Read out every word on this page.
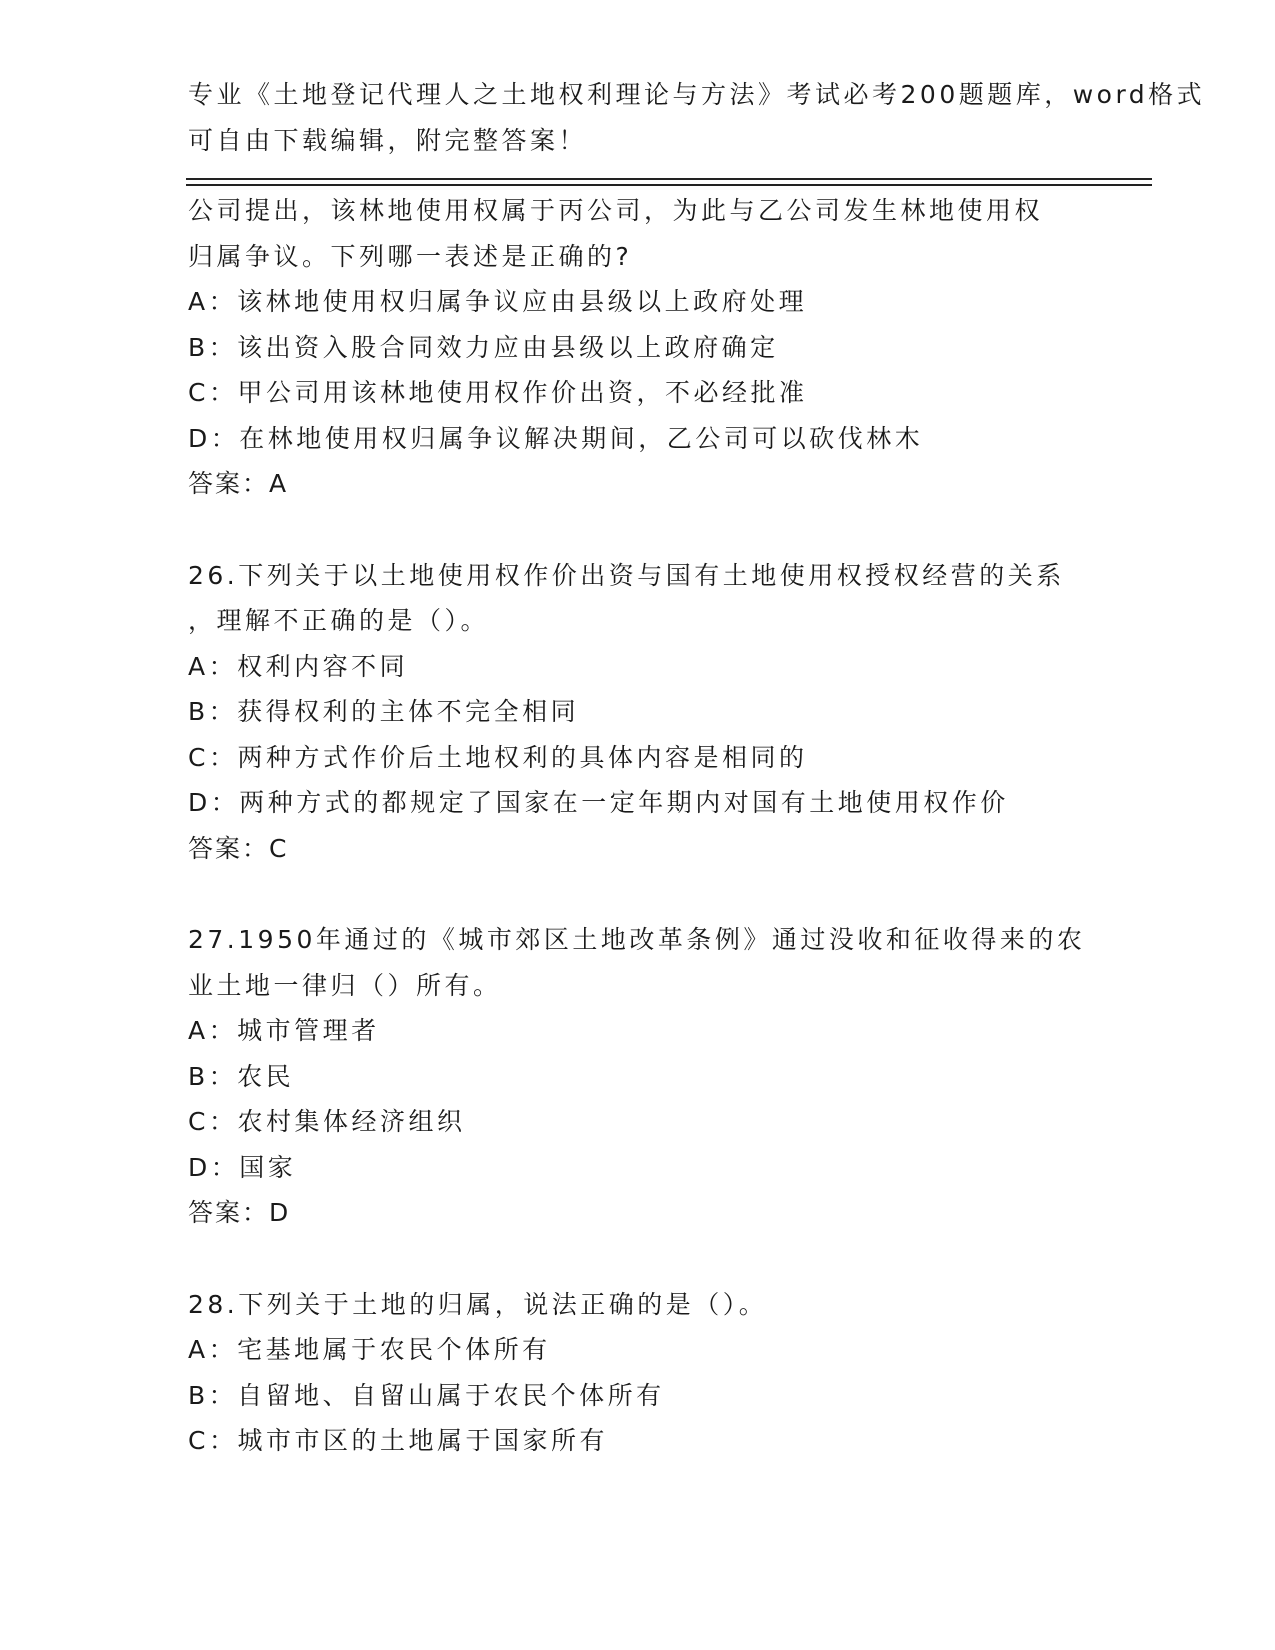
专业《土地登记代理人之土地权利理论与方法》考试必考200题题库，word格式
可自由下载编辑，附完整答案！
公司提出，该林地使用权属于丙公司，为此与乙公司发生林地使用权
归属争议。下列哪一表述是正确的?
A：该林地使用权归属争议应由县级以上政府处理
B：该出资入股合同效力应由县级以上政府确定
C：甲公司用该林地使用权作价出资，不必经批准
D：在林地使用权归属争议解决期间，乙公司可以砍伐林木
答案：A
26.下列关于以土地使用权作价出资与国有土地使用权授权经营的关系
，理解不正确的是（）。
A：权利内容不同
B：获得权利的主体不完全相同
C：两种方式作价后土地权利的具体内容是相同的
D：两种方式的都规定了国家在一定年期内对国有土地使用权作价
答案：C
27.1950年通过的《城市郊区土地改革条例》通过没收和征收得来的农
业土地一律归（）所有。
A：城市管理者
B：农民
C：农村集体经济组织
D：国家
答案：D
28.下列关于土地的归属，说法正确的是（）。
A：宅基地属于农民个体所有
B：自留地、自留山属于农民个体所有
C：城市市区的土地属于国家所有
